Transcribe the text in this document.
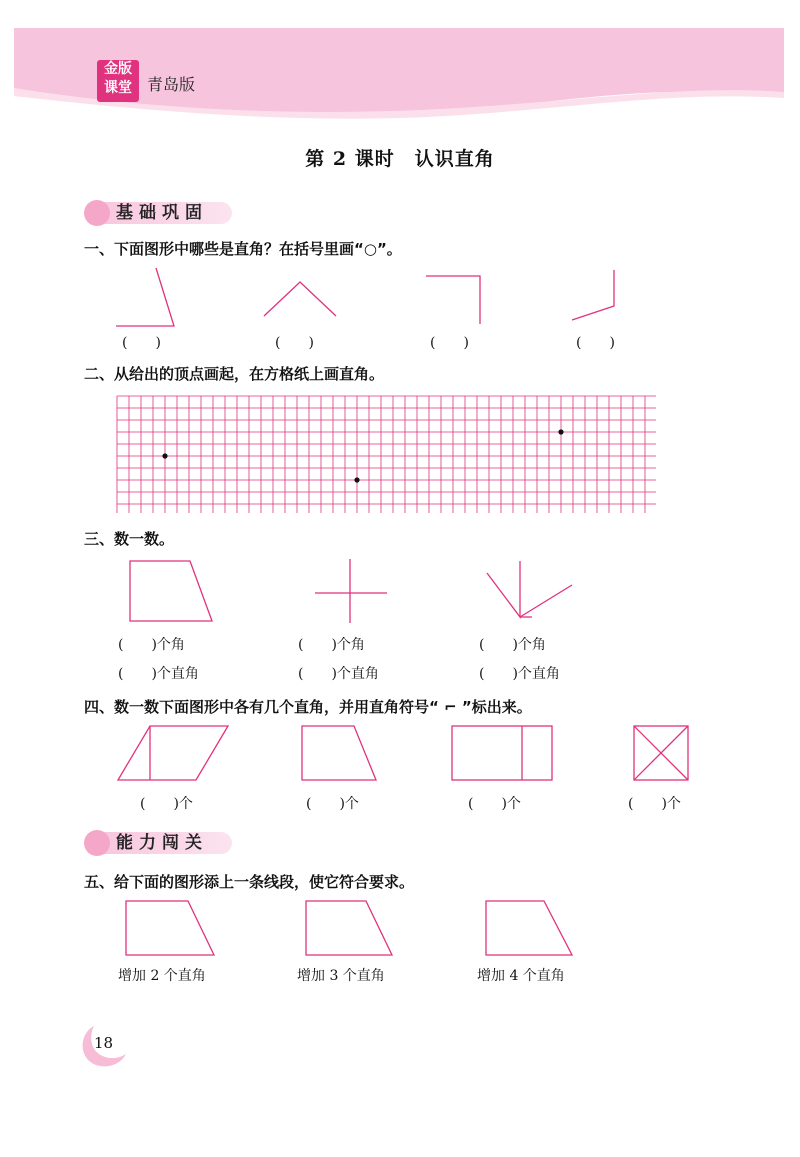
金版
课堂 青岛版
第 2 课时　认识直角
基础巩固
一、下面图形中哪些是直角？在括号里画“○”。
(　　)	(　　)	(　　)	(　　)
二、从给出的顶点画起，在方格纸上画直角。
三、数一数。
(　　)个角	(　　)个角	(　　)个角
(　　)个直角	(　　)个直角	(　　)个直角
四、数一数下面图形中各有几个直角，并用直角符号“ ⌐ ”标出来。
(　　)个	(　　)个	(　　)个	(　　)个
能力闯关
五、给下面的图形添上一条线段，使它符合要求。
增加 2 个直角	增加 3 个直角	增加 4 个直角
18
